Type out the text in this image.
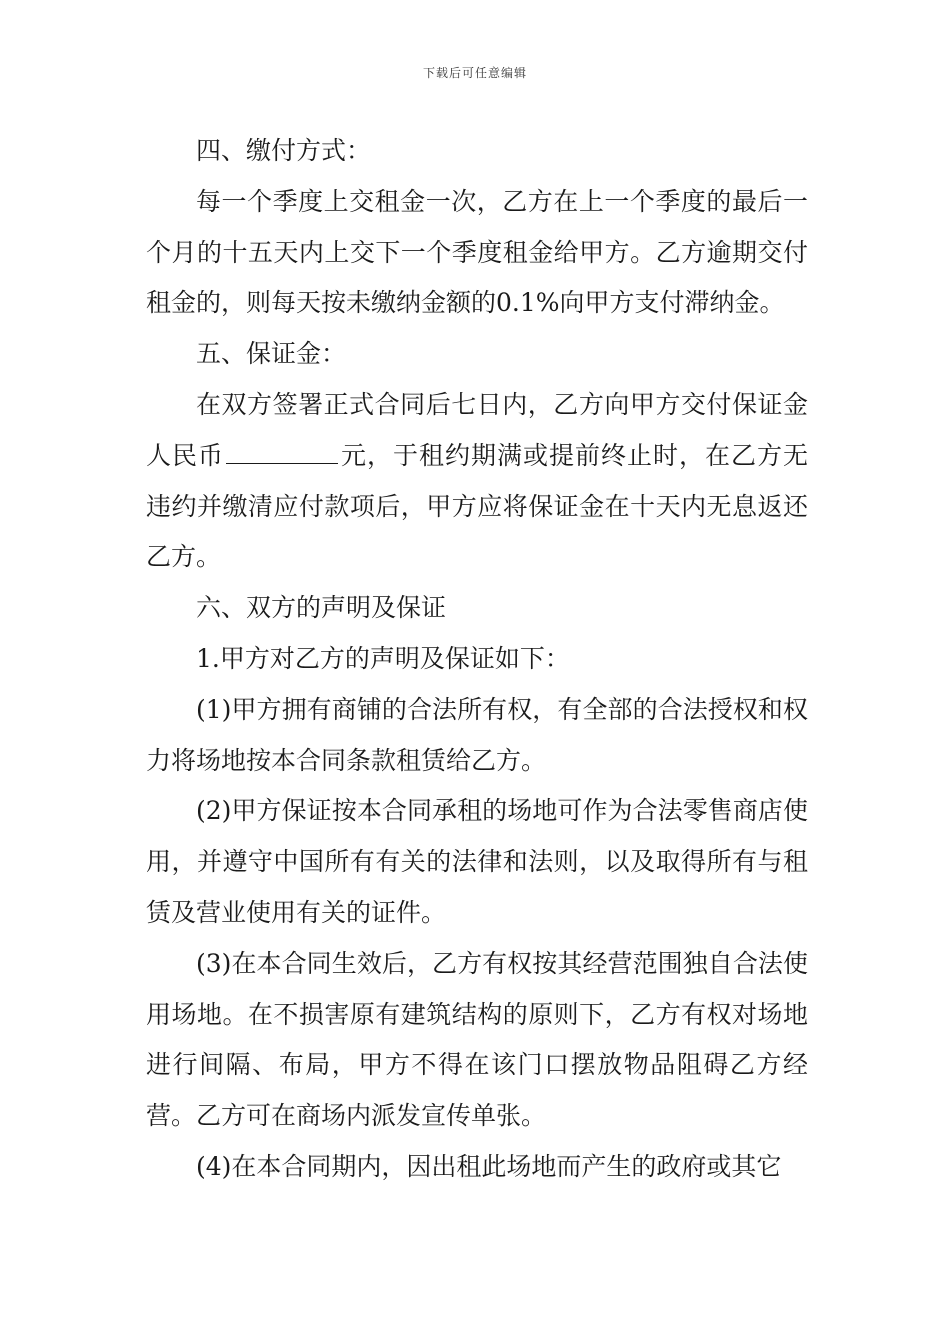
下载后可任意编辑

四、缴付方式：

每一个季度上交租金一次，乙方在上一个季度的最后一个月的十五天内上交下一个季度租金给甲方。乙方逾期交付租金的，则每天按未缴纳金额的0.1%向甲方支付滞纳金。

五、保证金：

在双方签署正式合同后七日内，乙方向甲方交付保证金人民币	元，于租约期满或提前终止时，在乙方无违约并缴清应付款项后，甲方应将保证金在十天内无息返还乙方。

六、双方的声明及保证

1.甲方对乙方的声明及保证如下：

(1)甲方拥有商铺的合法所有权，有全部的合法授权和权力将场地按本合同条款租赁给乙方。

(2)甲方保证按本合同承租的场地可作为合法零售商店使用，并遵守中国所有有关的法律和法则，以及取得所有与租赁及营业使用有关的证件。

(3)在本合同生效后，乙方有权按其经营范围独自合法使用场地。在不损害原有建筑结构的原则下，乙方有权对场地进行间隔、布局，甲方不得在该门口摆放物品阻碍乙方经营。乙方可在商场内派发宣传单张。

(4)在本合同期内，因出租此场地而产生的政府或其它
